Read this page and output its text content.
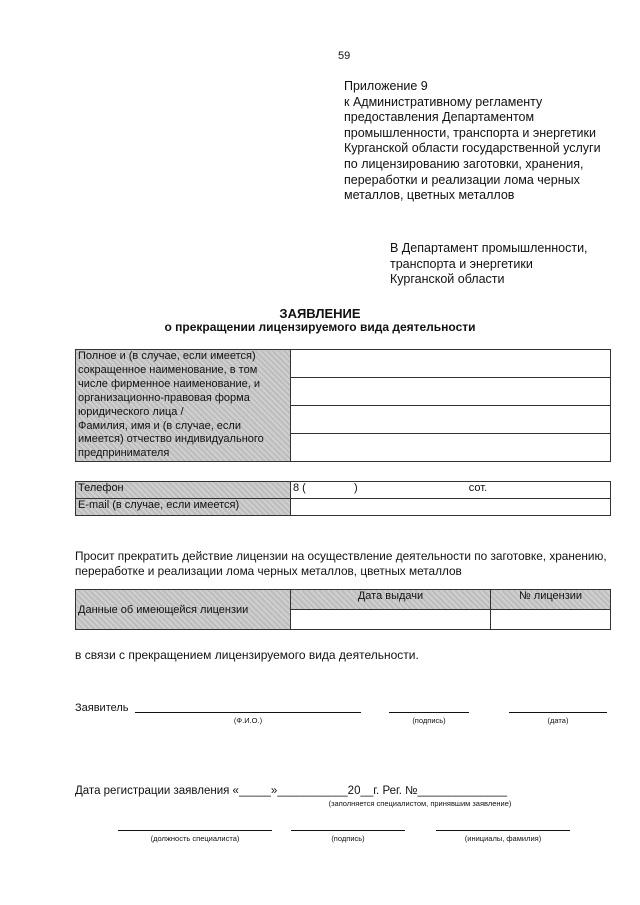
59
Приложение 9
к Административному регламенту
предоставления Департаментом
промышленности, транспорта и энергетики
Курганской области государственной услуги
по лицензированию заготовки, хранения,
переработки и реализации лома черных
металлов, цветных металлов
В Департамент промышленности,
транспорта и энергетики
Курганской области
ЗАЯВЛЕНИЕ
о прекращении лицензируемого вида деятельности
Полное и (в случае, если имеется)
сокращенное наименование, в том
числе фирменное наименование, и
организационно-правовая форма
юридического лица /
Фамилия, имя и (в случае, если
имеется) отчество индивидуального
предпринимателя

Телефон	8 ( ) сот.
E-mail (в случае, если имеется)	
Просит прекратить действие лицензии на осуществление деятельности по заготовке, хранению, переработке и реализации лома черных металлов, цветных металлов
Данные об имеющейся лицензии	Дата выдачи	№ лицензии

в связи с прекращением лицензируемого вида деятельности.
Заявитель
(Ф.И.О.)	(подпись)	(дата)
Дата регистрации заявления «_____»___________20__г. Рег. №______________
(заполняется специалистом, принявшим заявление)
(должность специалиста)	(подпись)	(инициалы, фамилия)
